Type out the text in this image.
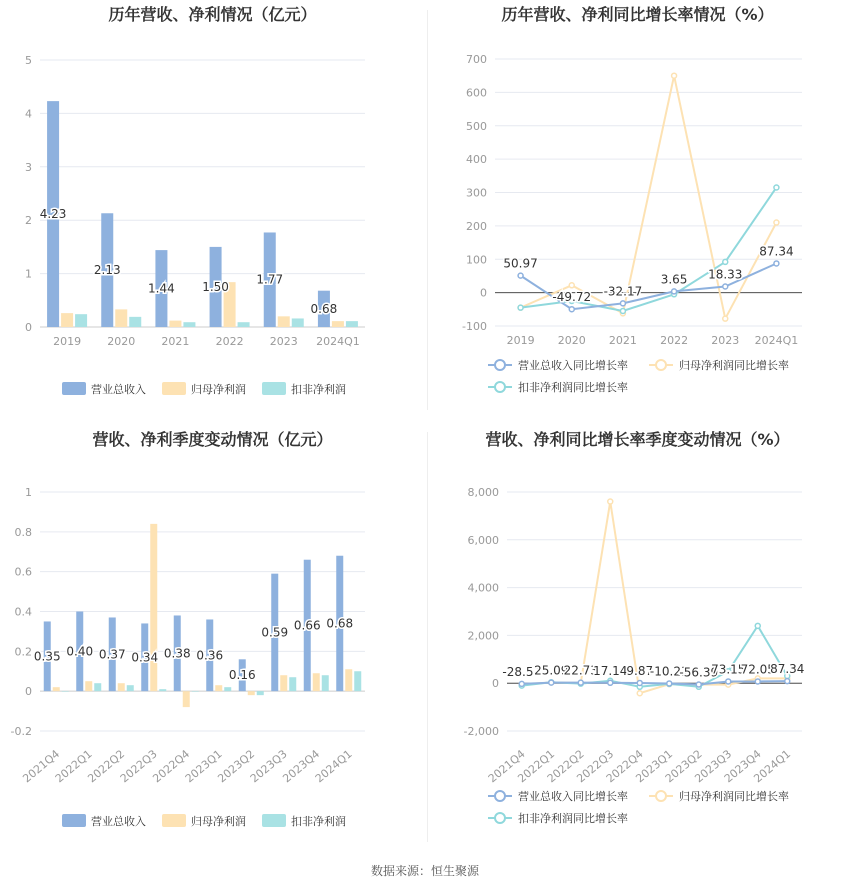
历年营收、净利情况（亿元）
0
1
2
3
4
5
2019 2020 2021 2022 2023 2024Q1
4.23
2.13
1.44 1.50
1.77
0.68
营业总收入	归母净利润	扣非净利润
历年营收、净利同比增长率情况（%）
-100
0
100
200
300
400
500
600
700
2019 2020 2021 2022 2023 2024Q1
50.97
-49.72 -32.17
3.65 18.33
87.34
营业总收入同比增长率	归母净利润同比增长率
扣非净利润同比增长率
营收、净利季度变动情况（亿元）
-0.2
0
0.2
0.4
0.6
0.8
1
2021Q4
2022Q1
2022Q2
2022Q3
2022Q4
2023Q1
2023Q2
2023Q3
2023Q4
2024Q1
0.35 0.40 0.37 0.34 0.38 0.36
0.16
0.59 0.66 0.68
营业总收入	归母净利润	扣非净利润
营收、净利同比增长率季度变动情况（%）
-2,000
0
2,000
4,000
6,000
8,000
2021Q4
2022Q1
2022Q2
2022Q3
2022Q4
2023Q1
2023Q2
2023Q3
2023Q4
2024Q1
-28.52
25.09
22.73
17.14
9.87
-10.21
-56.39
73.15
72.05
87.34
营业总收入同比增长率	归母净利润同比增长率
扣非净利润同比增长率
数据来源：恒生聚源
